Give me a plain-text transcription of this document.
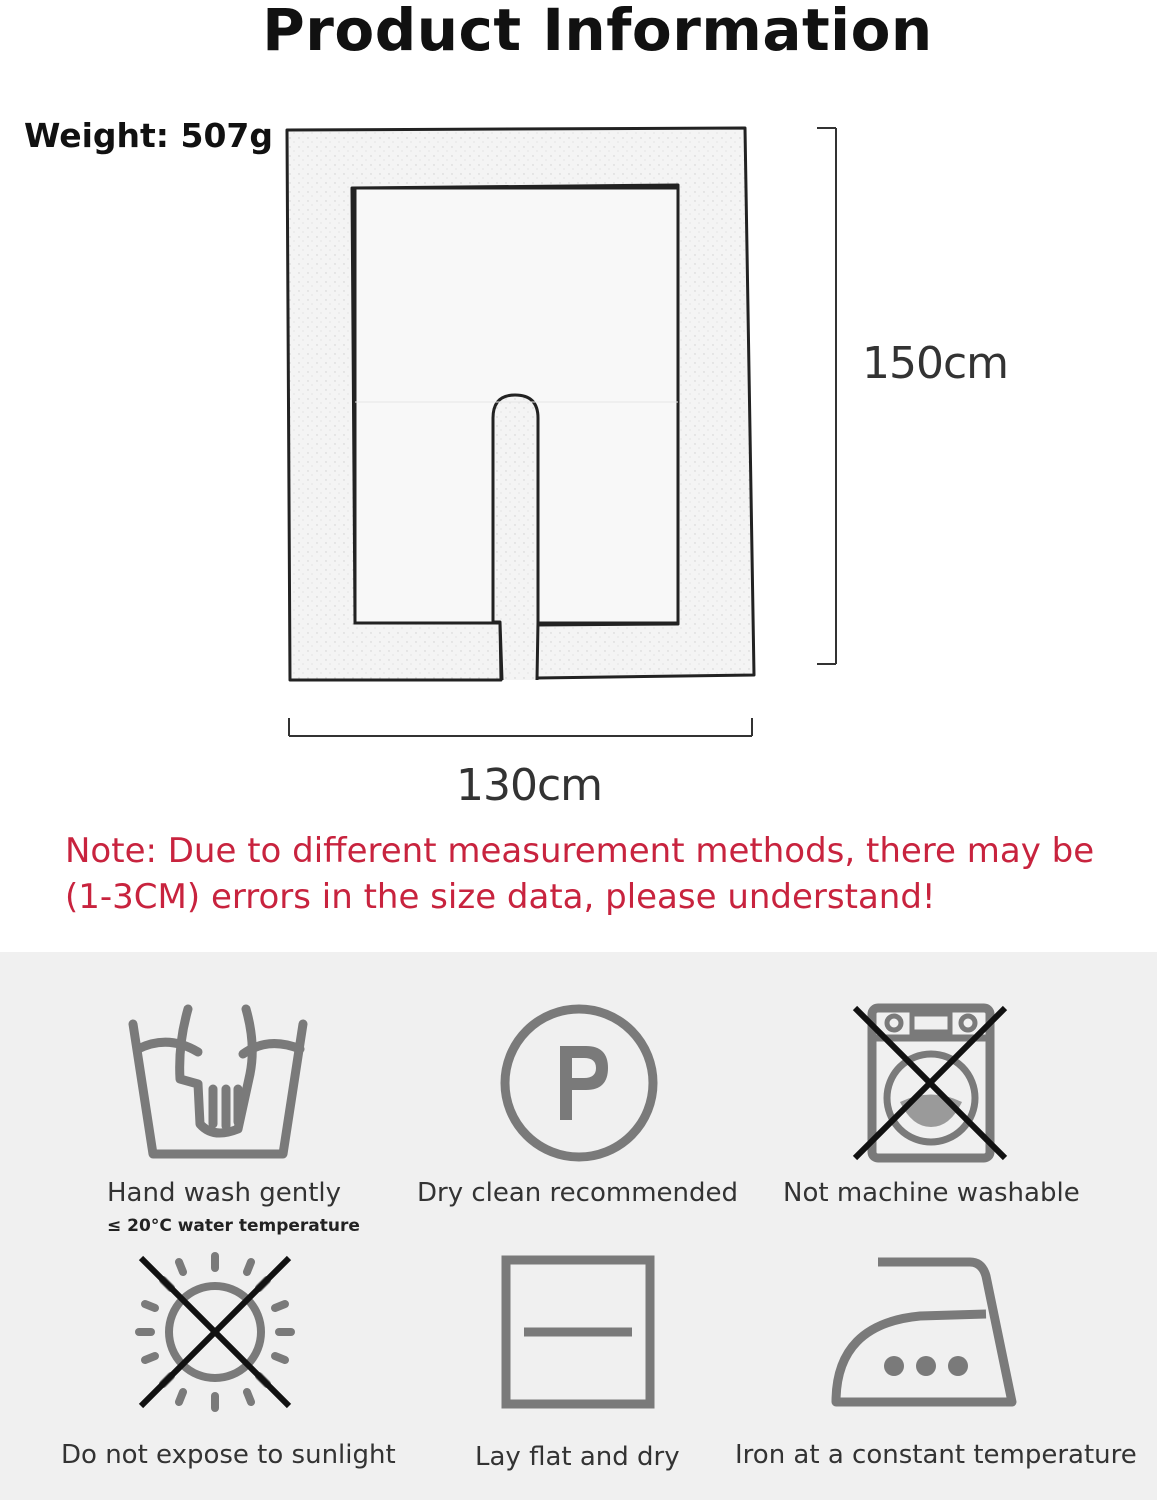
Product Information
Weight: 507g
150cm
130cm
Note: Due to different measurement methods, there may be (1-3CM) errors in the size data, please understand!
Hand wash gently
≤ 20°C water temperature
Dry clean recommended Not machine washable
Do not expose to sunlight	Lay flat and dry Iron at a constant temperature
